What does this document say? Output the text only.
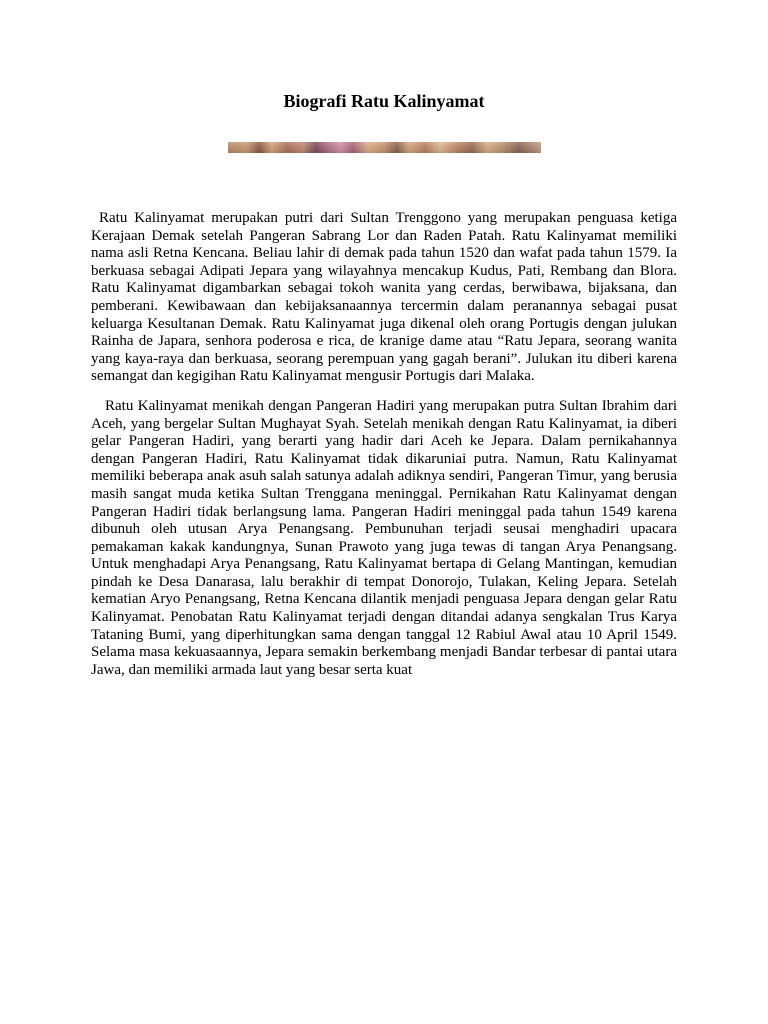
Biografi Ratu Kalinyamat

Ratu Kalinyamat merupakan putri dari Sultan Trenggono yang merupakan penguasa ketiga Kerajaan Demak setelah Pangeran Sabrang Lor dan Raden Patah. Ratu Kalinyamat memiliki nama asli Retna Kencana. Beliau lahir di demak pada tahun 1520 dan wafat pada tahun 1579. Ia berkuasa sebagai Adipati Jepara yang wilayahnya mencakup Kudus, Pati, Rembang dan Blora. Ratu Kalinyamat digambarkan sebagai tokoh wanita yang cerdas, berwibawa, bijaksana, dan pemberani. Kewibawaan dan kebijaksanaannya tercermin dalam peranannya sebagai pusat keluarga Kesultanan Demak. Ratu Kalinyamat juga dikenal oleh orang Portugis dengan julukan Rainha de Japara, senhora poderosa e rica, de kranige dame atau “Ratu Jepara, seorang wanita yang kaya-raya dan berkuasa, seorang perempuan yang gagah berani”. Julukan itu diberi karena semangat dan kegigihan Ratu Kalinyamat mengusir Portugis dari Malaka.

Ratu Kalinyamat menikah dengan Pangeran Hadiri yang merupakan putra Sultan Ibrahim dari Aceh, yang bergelar Sultan Mughayat Syah. Setelah menikah dengan Ratu Kalinyamat, ia diberi gelar Pangeran Hadiri, yang berarti yang hadir dari Aceh ke Jepara. Dalam pernikahannya dengan Pangeran Hadiri, Ratu Kalinyamat tidak dikaruniai putra. Namun, Ratu Kalinyamat memiliki beberapa anak asuh salah satunya adalah adiknya sendiri, Pangeran Timur, yang berusia masih sangat muda ketika Sultan Trenggana meninggal. Pernikahan Ratu Kalinyamat dengan Pangeran Hadiri tidak berlangsung lama. Pangeran Hadiri meninggal pada tahun 1549 karena dibunuh oleh utusan Arya Penangsang. Pembunuhan terjadi seusai menghadiri upacara pemakaman kakak kandungnya, Sunan Prawoto yang juga tewas di tangan Arya Penangsang. Untuk menghadapi Arya Penangsang, Ratu Kalinyamat bertapa di Gelang Mantingan, kemudian pindah ke Desa Danarasa, lalu berakhir di tempat Donorojo, Tulakan, Keling Jepara. Setelah kematian Aryo Penangsang, Retna Kencana dilantik menjadi penguasa Jepara dengan gelar Ratu Kalinyamat. Penobatan Ratu Kalinyamat terjadi dengan ditandai adanya sengkalan Trus Karya Tataning Bumi, yang diperhitungkan sama dengan tanggal 12 Rabiul Awal atau 10 April 1549. Selama masa kekuasaannya, Jepara semakin berkembang menjadi Bandar terbesar di pantai utara Jawa, dan memiliki armada laut yang besar serta kuat
